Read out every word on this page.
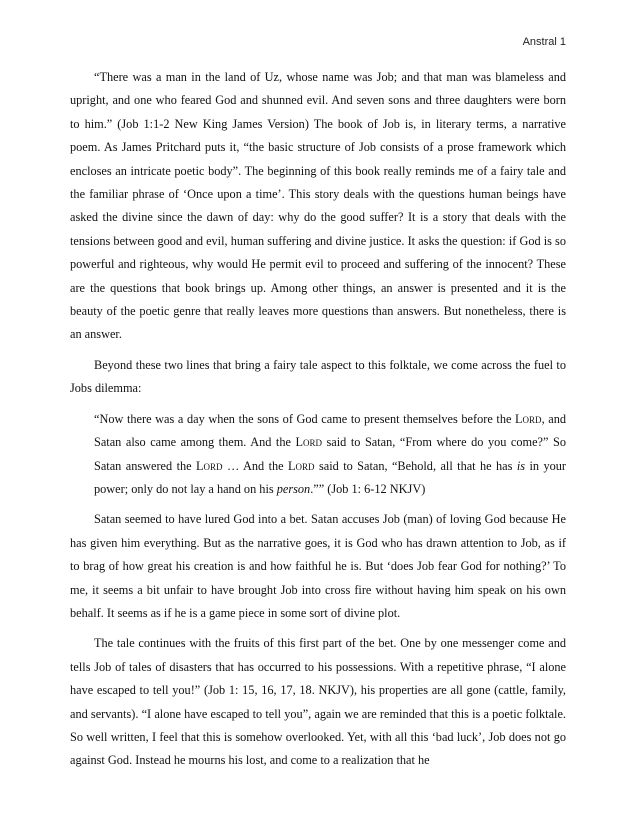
Anstral 1

“There was a man in the land of Uz, whose name was Job; and that man was blameless and upright, and one who feared God and shunned evil. And seven sons and three daughters were born to him.” (Job 1:1-2 New King James Version) The book of Job is, in literary terms, a narrative poem. As James Pritchard puts it, “the basic structure of Job consists of a prose framework which encloses an intricate poetic body”. The beginning of this book really reminds me of a fairy tale and the familiar phrase of ‘Once upon a time’. This story deals with the questions human beings have asked the divine since the dawn of day: why do the good suffer? It is a story that deals with the tensions between good and evil, human suffering and divine justice. It asks the question: if God is so powerful and righteous, why would He permit evil to proceed and suffering of the innocent? These are the questions that book brings up. Among other things, an answer is presented and it is the beauty of the poetic genre that really leaves more questions than answers. But nonetheless, there is an answer.

Beyond these two lines that bring a fairy tale aspect to this folktale, we come across the fuel to Jobs dilemma:

“Now there was a day when the sons of God came to present themselves before the Lord, and Satan also came among them. And the Lord said to Satan, “From where do you come?” So Satan answered the Lord … And the Lord said to Satan, “Behold, all that he has is in your power; only do not lay a hand on his person.”” (Job 1: 6-12 NKJV)

Satan seemed to have lured God into a bet. Satan accuses Job (man) of loving God because He has given him everything. But as the narrative goes, it is God who has drawn attention to Job, as if to brag of how great his creation is and how faithful he is. But ‘does Job fear God for nothing?’ To me, it seems a bit unfair to have brought Job into cross fire without having him speak on his own behalf. It seems as if he is a game piece in some sort of divine plot.

The tale continues with the fruits of this first part of the bet. One by one messenger come and tells Job of tales of disasters that has occurred to his possessions. With a repetitive phrase, “I alone have escaped to tell you!” (Job 1: 15, 16, 17, 18. NKJV), his properties are all gone (cattle, family, and servants). “I alone have escaped to tell you”, again we are reminded that this is a poetic folktale. So well written, I feel that this is somehow overlooked. Yet, with all this ‘bad luck’, Job does not go against God. Instead he mourns his lost, and come to a realization that he
